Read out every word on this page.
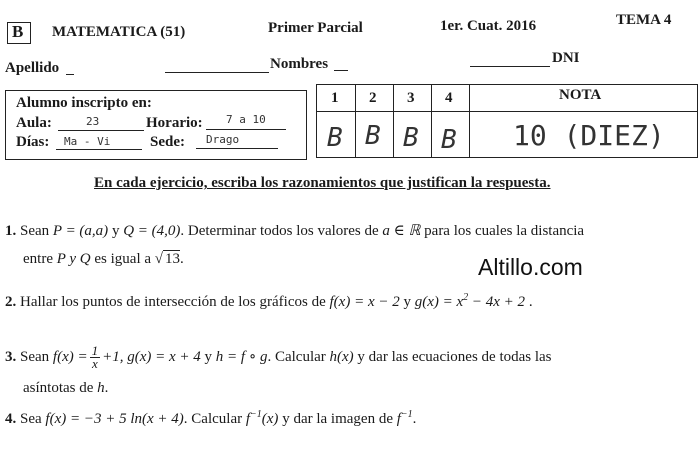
B MATEMATICA (51)	Primer Parcial	1er. Cuat. 2016	TEMA 4
Apellido	Nombres	DNI
Alumno inscripto en:
Aula:	23	Horario: 7 a 10
Días: Ma - Vi	Sede: Drago
1 2 3 4	NOTA
B B B B 10 (DIEZ)
En cada ejercicio, escriba los razonamientos que justifican la respuesta.
Altillo.com
1. Sean P = (a,a) y Q = (4,0). Determinar todos los valores de a ∈ ℝ para los cuales la distancia
entre P y Q es igual a √ 13.
2. Hallar los puntos de intersección de los gráficos de f(x) = x − 2 y $g(x) = x^2 - 4x + 2$ .
3. Sean $f(x) = \frac{1}{x} +1$, g(x) = x + 4 y h = f ∘ g. Calcular h(x) y dar las ecuaciones de todas las
asíntotas de h.
4. Sea f(x) = −3 + 5 ln(x + 4). Calcular $f^{-1}(x)$ y dar la imagen de $f^{-1}$.
